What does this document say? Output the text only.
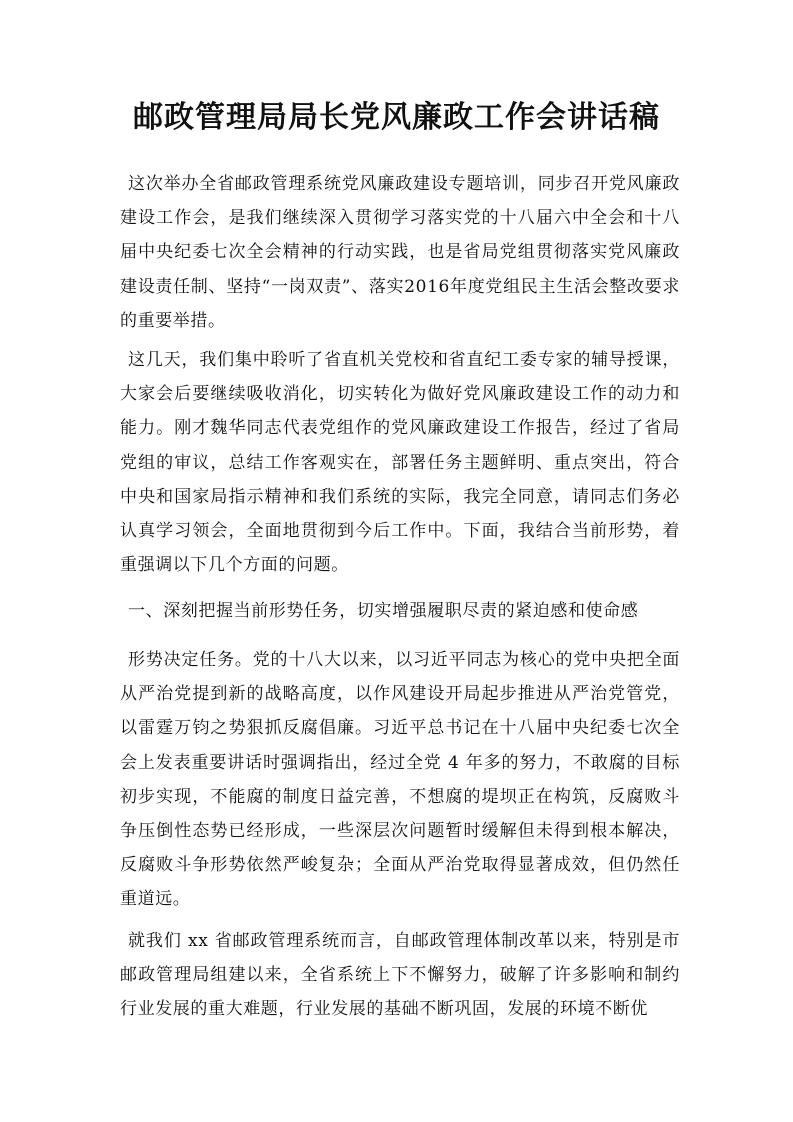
邮政管理局局长党风廉政工作会讲话稿

这次举办全省邮政管理系统党风廉政建设专题培训，同步召开党风廉政建设工作会，是我们继续深入贯彻学习落实党的十八届六中全会和十八届中央纪委七次全会精神的行动实践，也是省局党组贯彻落实党风廉政建设责任制、坚持“一岗双责”、落实2016年度党组民主生活会整改要求的重要举措。

这几天，我们集中聆听了省直机关党校和省直纪工委专家的辅导授课，大家会后要继续吸收消化，切实转化为做好党风廉政建设工作的动力和能力。刚才魏华同志代表党组作的党风廉政建设工作报告，经过了省局党组的审议，总结工作客观实在，部署任务主题鲜明、重点突出，符合中央和国家局指示精神和我们系统的实际，我完全同意，请同志们务必认真学习领会，全面地贯彻到今后工作中。下面，我结合当前形势，着重强调以下几个方面的问题。

一、深刻把握当前形势任务，切实增强履职尽责的紧迫感和使命感

形势决定任务。党的十八大以来，以习近平同志为核心的党中央把全面从严治党提到新的战略高度，以作风建设开局起步推进从严治党管党，以雷霆万钧之势狠抓反腐倡廉。习近平总书记在十八届中央纪委七次全会上发表重要讲话时强调指出，经过全党 4 年多的努力，不敢腐的目标初步实现，不能腐的制度日益完善，不想腐的堤坝正在构筑，反腐败斗争压倒性态势已经形成，一些深层次问题暂时缓解但未得到根本解决，反腐败斗争形势依然严峻复杂；全面从严治党取得显著成效，但仍然任重道远。

就我们 xx 省邮政管理系统而言，自邮政管理体制改革以来，特别是市邮政管理局组建以来，全省系统上下不懈努力，破解了许多影响和制约行业发展的重大难题，行业发展的基础不断巩固，发展的环境不断优
